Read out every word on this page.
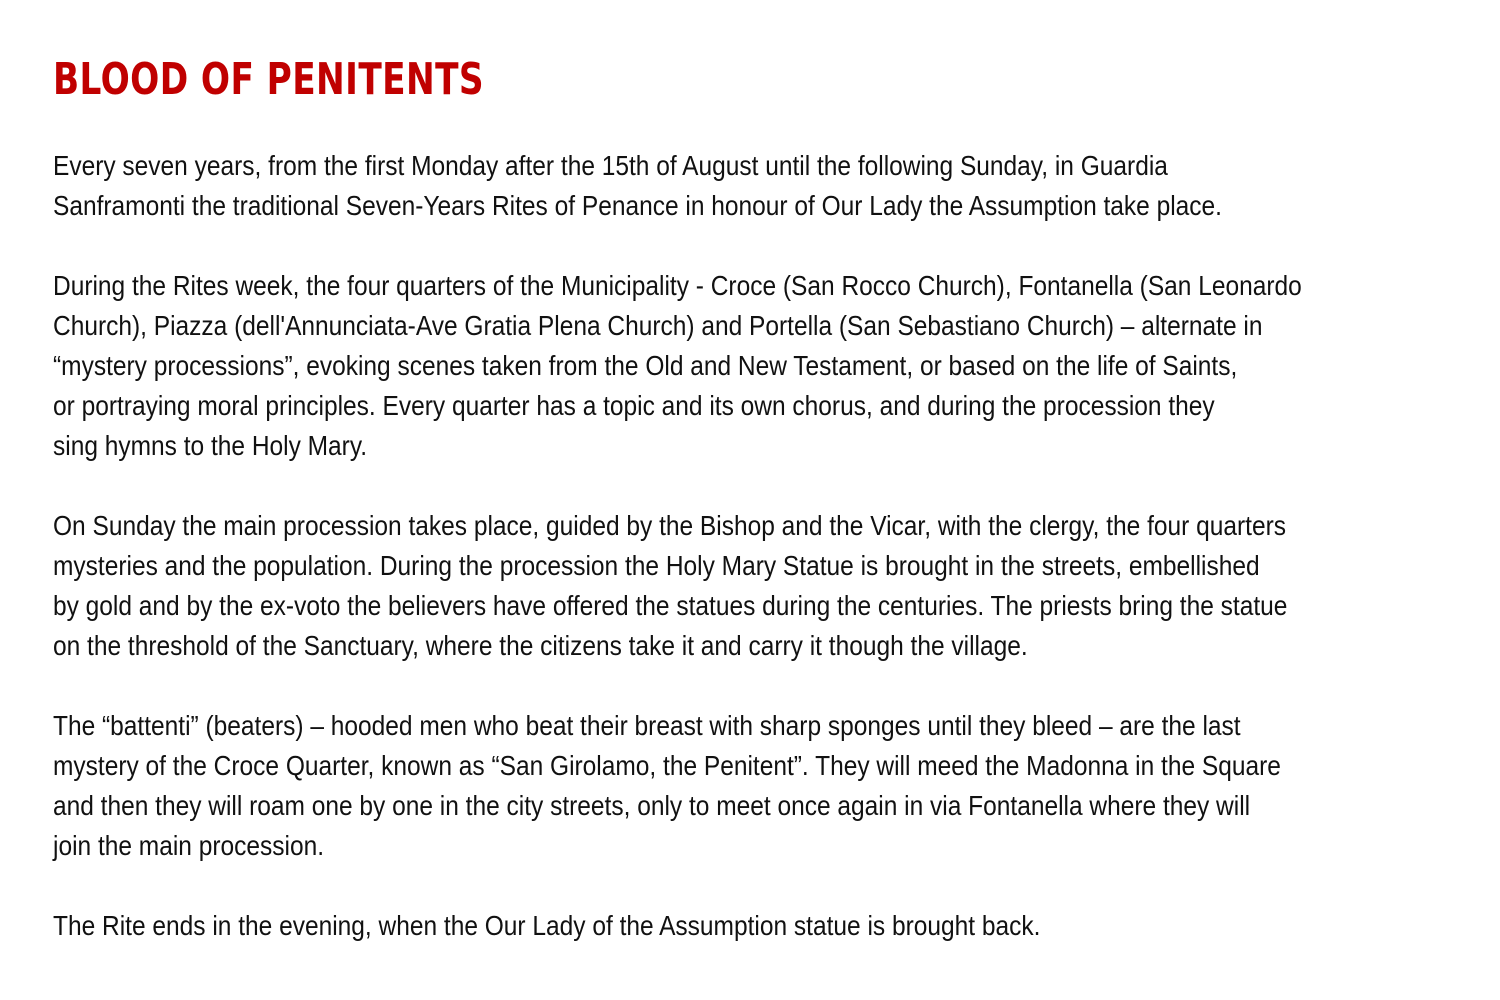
BLOOD OF PENITENTS

Every seven years, from the first Monday after the 15th of August until the following Sunday, in Guardia
Sanframonti the traditional Seven-Years Rites of Penance in honour of Our Lady the Assumption take place.

During the Rites week, the four quarters of the Municipality - Croce (San Rocco Church), Fontanella (San Leonardo
Church), Piazza (dell'Annunciata-Ave Gratia Plena Church) and Portella (San Sebastiano Church) – alternate in
“mystery processions”, evoking scenes taken from the Old and New Testament, or based on the life of Saints,
or portraying moral principles. Every quarter has a topic and its own chorus, and during the procession they
sing hymns to the Holy Mary.

On Sunday the main procession takes place, guided by the Bishop and the Vicar, with the clergy, the four quarters
mysteries and the population. During the procession the Holy Mary Statue is brought in the streets, embellished
by gold and by the ex-voto the believers have offered the statues during the centuries. The priests bring the statue
on the threshold of the Sanctuary, where the citizens take it and carry it though the village.

The “battenti” (beaters) – hooded men who beat their breast with sharp sponges until they bleed – are the last
mystery of the Croce Quarter, known as “San Girolamo, the Penitent”. They will meed the Madonna in the Square
and then they will roam one by one in the city streets, only to meet once again in via Fontanella where they will
join the main procession.

The Rite ends in the evening, when the Our Lady of the Assumption statue is brought back.
